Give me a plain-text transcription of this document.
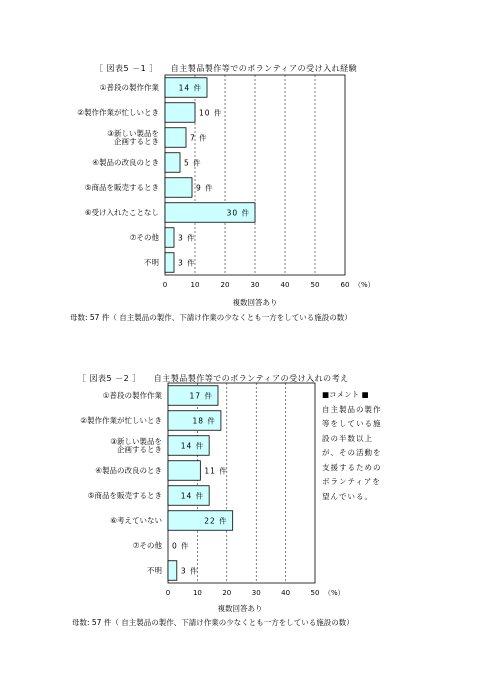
［ 図表5 －1 ］　　自主製品製作等でのボランティアの受け入れ経験
①普段の製作作業
②製作作業が忙しいとき
③新しい製品を
企画するとき
④製品の改良のとき
⑤商品を販売するとき
⑥受け入れたことなし
⑦その他
不明
0	10	20	30	40	50	60 （%）
14 件
10 件
7 件
5 件
9 件
30 件
3 件
3 件
複数回答あり
母数: 57 件（ 自主製品の製作、下請け作業の少なくとも一方をしている施設の数）
［ 図表5 －2 ］　　自主製品製作等でのボランティアの受け入れの考え
①普段の製作作業
②製作作業が忙しいとき
③新しい製品を
企画するとき
④製品の改良のとき
⑤商品を販売するとき
⑥考えていない
⑦その他
不明
0	10	20	30	40	50 （%）
17 件
18 件
14 件
11 件
14 件
22 件
0 件
3 件
複数回答あり
母数: 57 件（ 自主製品の製作、下請け作業の少なくとも一方をしている施設の数）
■コメント ■
自主製品の製作等をしている施設の半数以上が、その活動を支援するためのボランティアを望んでいる。
